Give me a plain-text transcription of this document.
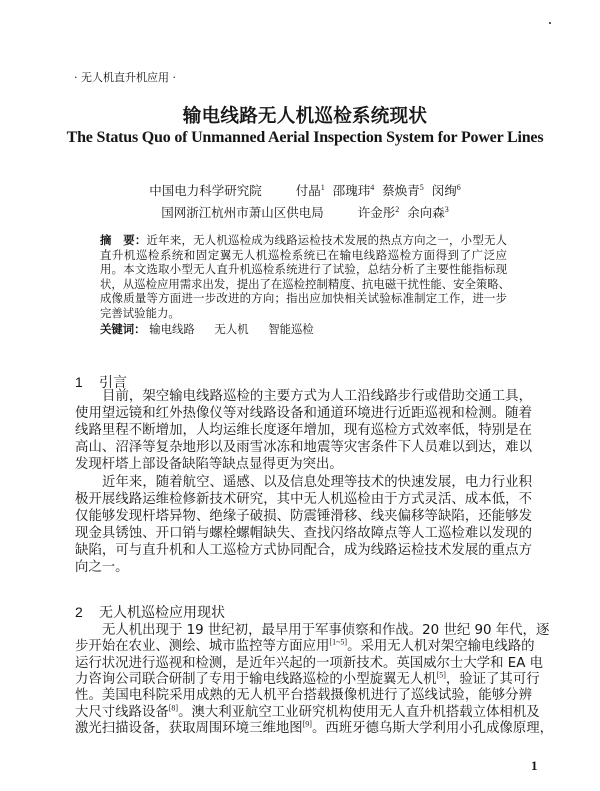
· 无人机直升机应用 ·
输电线路无人机巡检系统现状
The Status Quo of Unmanned Aerial Inspection System for Power Lines
中国电力科学研究院	付晶$^1$ 邵瑰玮$^4$ 蔡焕青$^5$ 闵绚$^6$
国网浙江杭州市萧山区供电局	许金彤$^2$ 余向森$^3$
摘　要：近年来，无人机巡检成为线路运检技术发展的热点方向之一，小型无人
直升机巡检系统和固定翼无人机巡检系统已在输电线路巡检方面得到了广泛应
用。本文选取小型无人直升机巡检系统进行了试验，总结分析了主要性能指标现
状，从巡检应用需求出发，提出了在巡检控制精度、抗电磁干扰性能、安全策略、
成像质量等方面进一步改进的方向；指出应加快相关试验标准制定工作，进一步
完善试验能力。
关键词： 输电线路 无人机 智能巡检
1 引言
目前，架空输电线路巡检的主要方式为人工沿线路步行或借助交通工具，
使用望远镜和红外热像仪等对线路设备和通道环境进行近距巡视和检测。随着
线路里程不断增加，人均运维长度逐年增加，现有巡检方式效率低，特别是在
高山、沼泽等复杂地形以及雨雪冰冻和地震等灾害条件下人员难以到达，难以
发现杆塔上部设备缺陷等缺点显得更为突出。
近年来，随着航空、遥感、以及信息处理等技术的快速发展，电力行业积
极开展线路运维检修新技术研究，其中无人机巡检由于方式灵活、成本低，不
仅能够发现杆塔异物、绝缘子破损、防震锤滑移、线夹偏移等缺陷，还能够发
现金具锈蚀、开口销与螺栓螺帽缺失、查找闪络故障点等人工巡检难以发现的
缺陷，可与直升机和人工巡检方式协同配合，成为线路运检技术发展的重点方
向之一。
2 无人机巡检应用现状
无人机出现于 19 世纪初，最早用于军事侦察和作战。20 世纪 90 年代，逐
步开始在农业、测绘、城市监控等方面应用[1~5]。采用无人机对架空输电线路的
运行状况进行巡视和检测，是近年兴起的一项新技术。英国威尔士大学和 EA 电
力咨询公司联合研制了专用于输电线路巡检的小型旋翼无人机[5]，验证了其可行
性。美国电科院采用成熟的无人机平台搭载摄像机进行了巡线试验，能够分辨
大尺寸线路设备[8]。澳大利亚航空工业研究机构使用无人直升机搭载立体相机及
激光扫描设备，获取周围环境三维地图[9]。西班牙德乌斯大学利用小孔成像原理，
1
